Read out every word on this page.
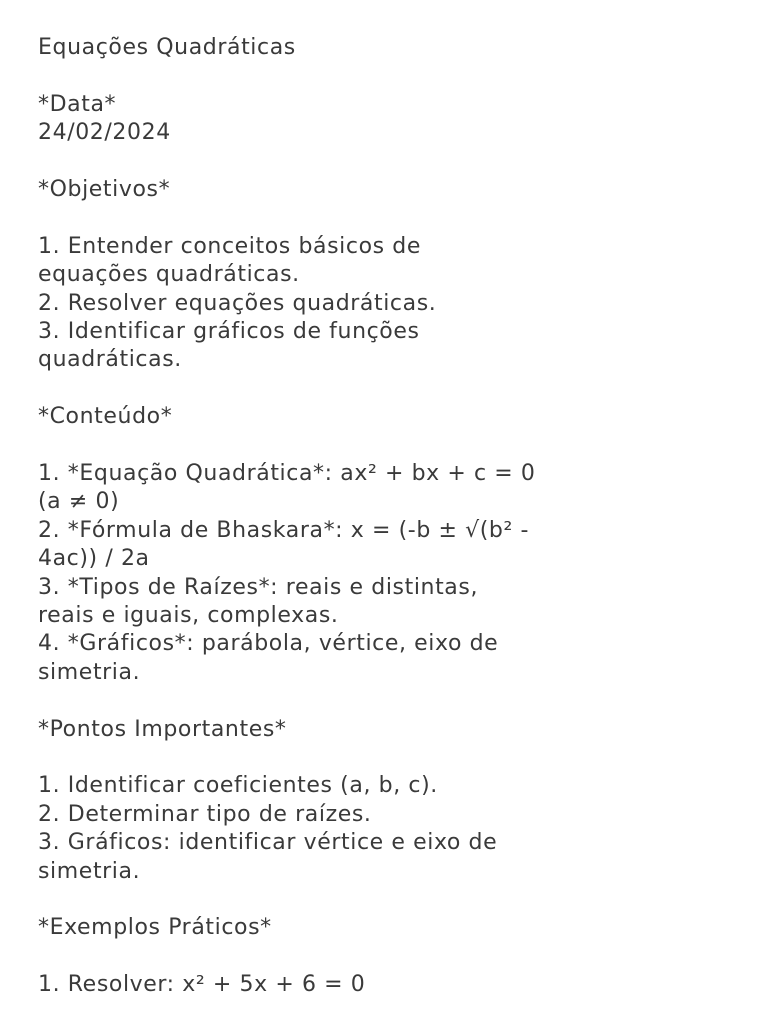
Equações Quadráticas
*Data*
24/02/2024
*Objetivos*
1. Entender conceitos básicos de
equações quadráticas.
2. Resolver equações quadráticas.
3. Identificar gráficos de funções
quadráticas.
*Conteúdo*
1. *Equação Quadrática*: ax² + bx + c = 0
(a ≠ 0)
2. *Fórmula de Bhaskara*: x = (-b ± √(b² -
4ac)) / 2a
3. *Tipos de Raízes*: reais e distintas,
reais e iguais, complexas.
4. *Gráficos*: parábola, vértice, eixo de
simetria.
*Pontos Importantes*
1. Identificar coeficientes (a, b, c).
2. Determinar tipo de raízes.
3. Gráficos: identificar vértice e eixo de
simetria.
*Exemplos Práticos*
1. Resolver: x² + 5x + 6 = 0
